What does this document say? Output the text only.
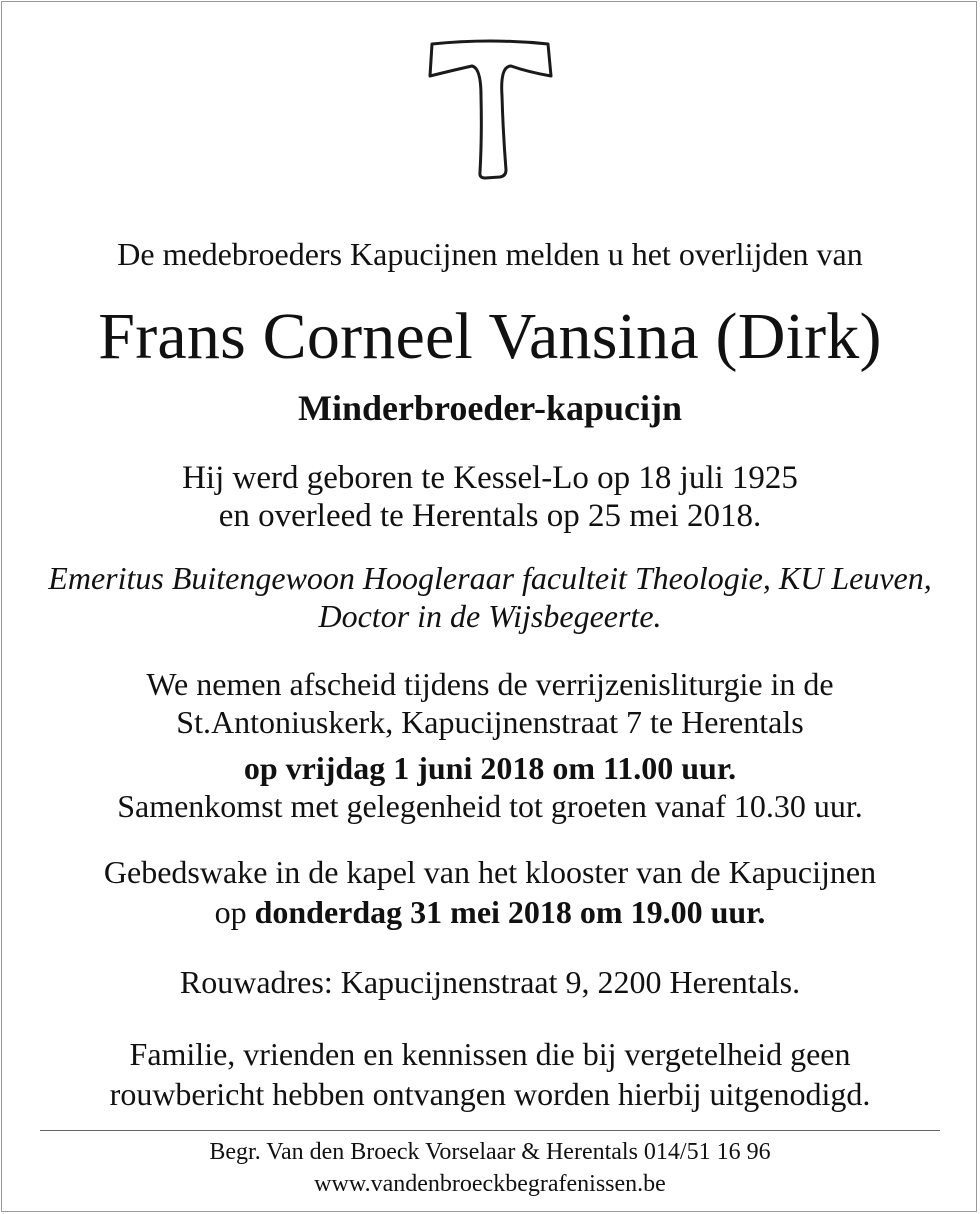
De medebroeders Kapucijnen melden u het overlijden van
Frans Corneel Vansina (Dirk)
Minderbroeder-kapucijn
Hij werd geboren te Kessel-Lo op 18 juli 1925
en overleed te Herentals op 25 mei 2018.
Emeritus Buitengewoon Hoogleraar faculteit Theologie, KU Leuven,
Doctor in de Wijsbegeerte.
We nemen afscheid tijdens de verrijzenisliturgie in de
St.Antoniuskerk, Kapucijnenstraat 7 te Herentals
op vrijdag 1 juni 2018 om 11.00 uur.
Samenkomst met gelegenheid tot groeten vanaf 10.30 uur.
Gebedswake in de kapel van het klooster van de Kapucijnen
op donderdag 31 mei 2018 om 19.00 uur.
Rouwadres: Kapucijnenstraat 9, 2200 Herentals.
Familie, vrienden en kennissen die bij vergetelheid geen
rouwbericht hebben ontvangen worden hierbij uitgenodigd.
Begr. Van den Broeck Vorselaar & Herentals 014/51 16 96
www.vandenbroeckbegrafenissen.be
